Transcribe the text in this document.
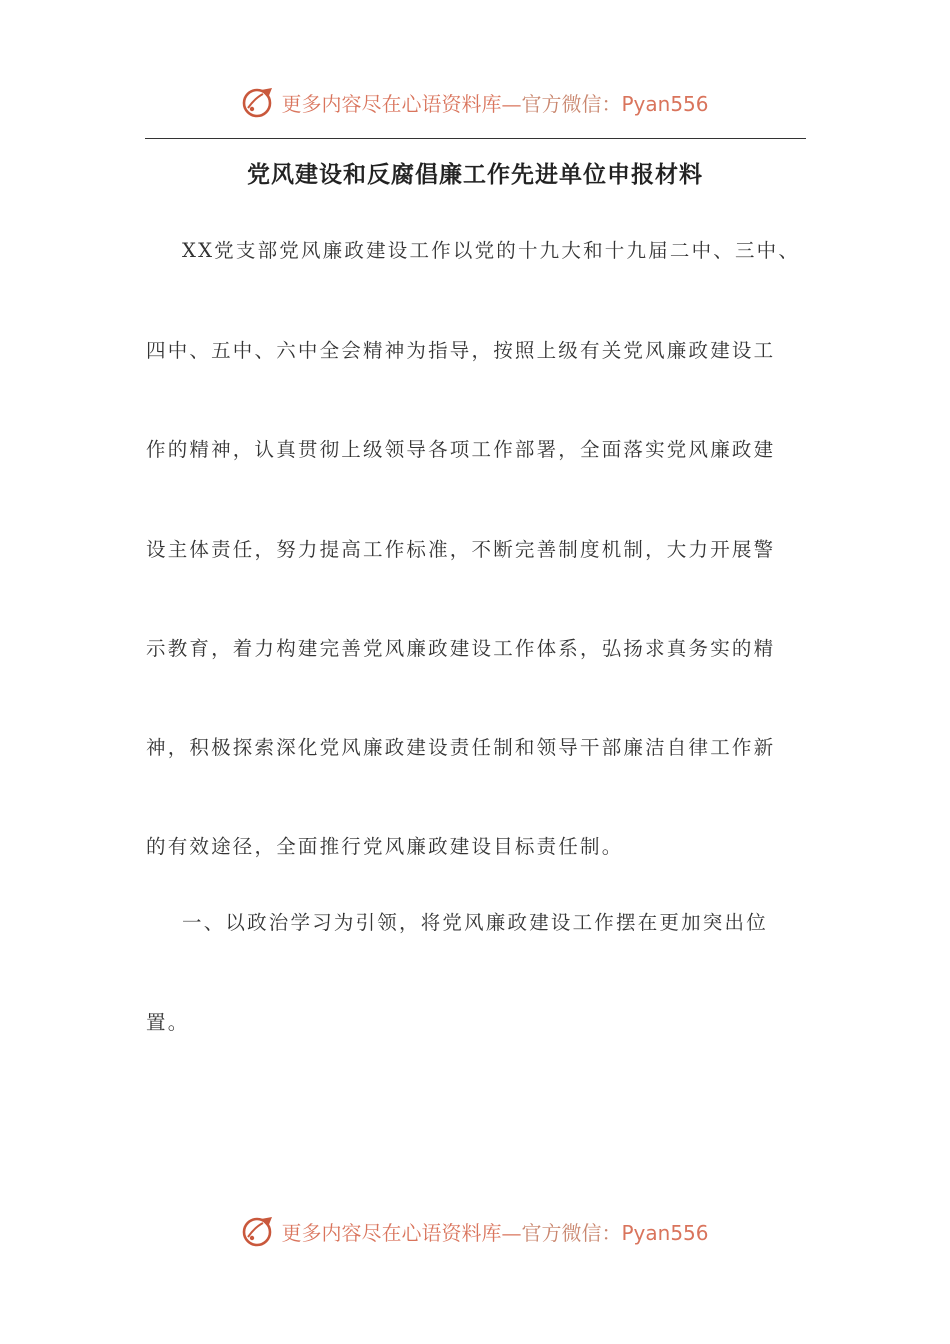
更多内容尽在心语资料库—官方微信：Pyan556
党风建设和反腐倡廉工作先进单位申报材料
XX党支部党风廉政建设工作以党的十九大和十九届二中、三中、
四中、五中、六中全会精神为指导，按照上级有关党风廉政建设工
作的精神，认真贯彻上级领导各项工作部署，全面落实党风廉政建
设主体责任，努力提高工作标准，不断完善制度机制，大力开展警
示教育，着力构建完善党风廉政建设工作体系，弘扬求真务实的精
神，积极探索深化党风廉政建设责任制和领导干部廉洁自律工作新
的有效途径，全面推行党风廉政建设目标责任制。
一、以政治学习为引领，将党风廉政建设工作摆在更加突出位
置。
更多内容尽在心语资料库—官方微信：Pyan556
